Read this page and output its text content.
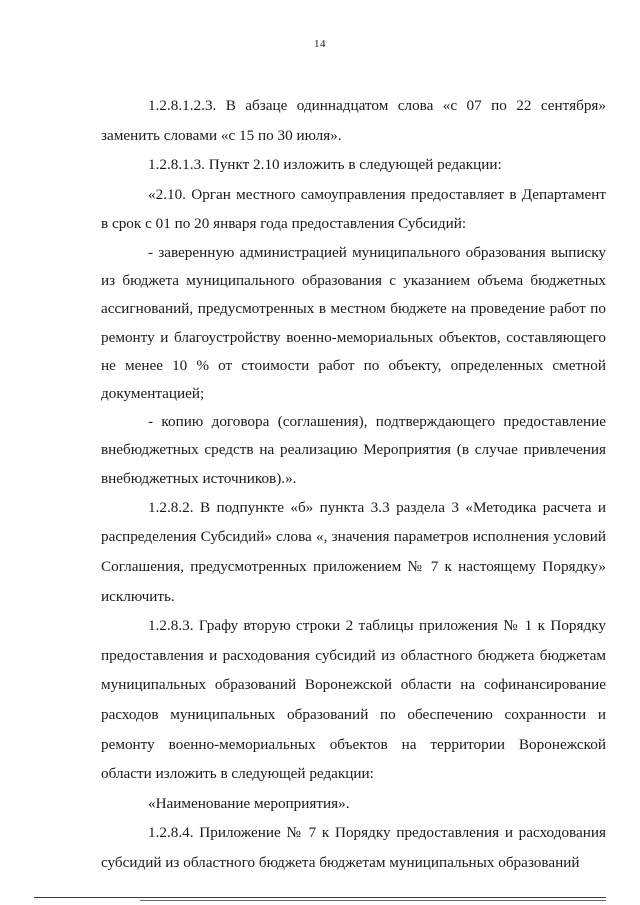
14

1.2.8.1.2.3. В абзаце одиннадцатом слова «с 07 по 22 сентября» заменить словами «с 15 по 30 июля».

1.2.8.1.3. Пункт 2.10 изложить в следующей редакции:

«2.10. Орган местного самоуправления предоставляет в Департамент в срок с 01 по 20 января года предоставления Субсидий:

- заверенную администрацией муниципального образования выписку из бюджета муниципального образования с указанием объема бюджетных ассигнований, предусмотренных в местном бюджете на проведение работ по ремонту и благоустройству военно-мемориальных объектов, составляющего не менее 10 % от стоимости работ по объекту, определенных сметной документацией;

- копию договора (соглашения), подтверждающего предоставление внебюджетных средств на реализацию Мероприятия (в случае привлечения внебюджетных источников).».

1.2.8.2. В подпункте «б» пункта 3.3 раздела 3 «Методика расчета и распределения Субсидий» слова «, значения параметров исполнения условий Соглашения, предусмотренных приложением № 7 к настоящему Порядку» исключить.

1.2.8.3. Графу вторую строки 2 таблицы приложения № 1 к Порядку предоставления и расходования субсидий из областного бюджета бюджетам муниципальных образований Воронежской области на софинансирование расходов муниципальных образований по обеспечению сохранности и ремонту военно-мемориальных объектов на территории Воронежской области изложить в следующей редакции:

«Наименование мероприятия».

1.2.8.4. Приложение № 7 к Порядку предоставления и расходования субсидий из областного бюджета бюджетам муниципальных образований
